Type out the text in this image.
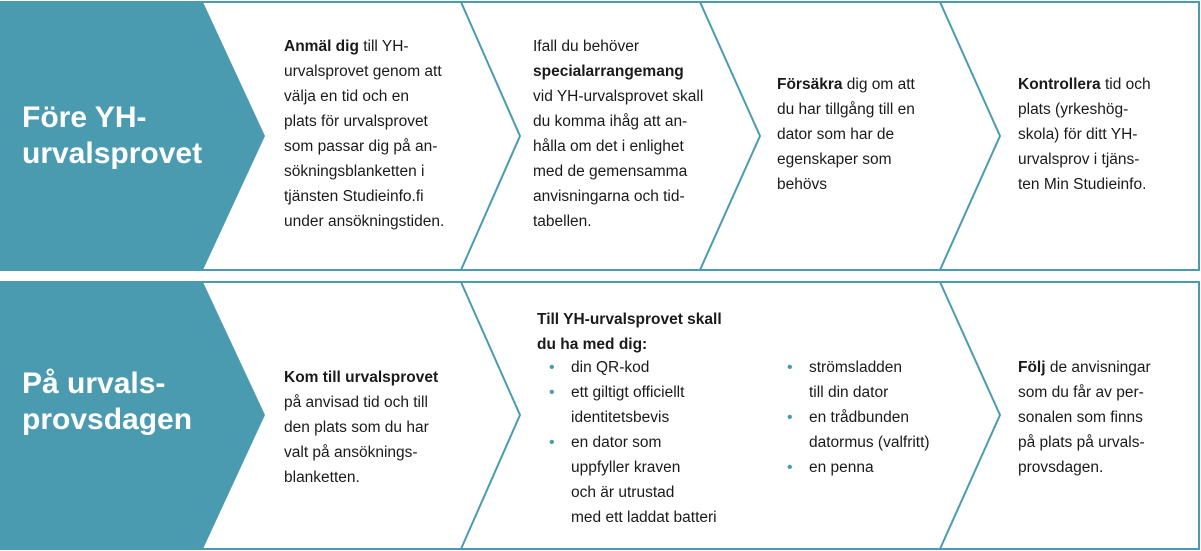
Före YH-
urvalsprovet

Anmäl dig till YH-
urvalsprovet genom att
välja en tid och en
plats för urvalsprovet
som passar dig på an-
sökningsblanketten i
tjänsten Studieinfo.fi
under ansökningstiden.

Ifall du behöver
specialarrangemang
vid YH-urvalsprovet skall
du komma ihåg att an-
hålla om det i enlighet
med de gemensamma
anvisningarna och tid-
tabellen.

Försäkra dig om att
du har tillgång till en
dator som har de
egenskaper som
behövs

Kontrollera tid och
plats (yrkeshög-
skola) för ditt YH-
urvalsprov i tjäns-
ten Min Studieinfo.

På urvals-
provsdagen

Kom till urvalsprovet
på anvisad tid och till
den plats som du har
valt på ansöknings-
blanketten.

Till YH-urvalsprovet skall
du ha med dig:

• din QR-kod
• ett giltigt officiellt
identitetsbevis
• en dator som
uppfyller kraven
och är utrustad
med ett laddat batteri
• strömsladden
till din dator
• en trådbunden
datormus (valfritt)
• en penna

Följ de anvisningar
som du får av per-
sonalen som finns
på plats på urvals-
provsdagen.
